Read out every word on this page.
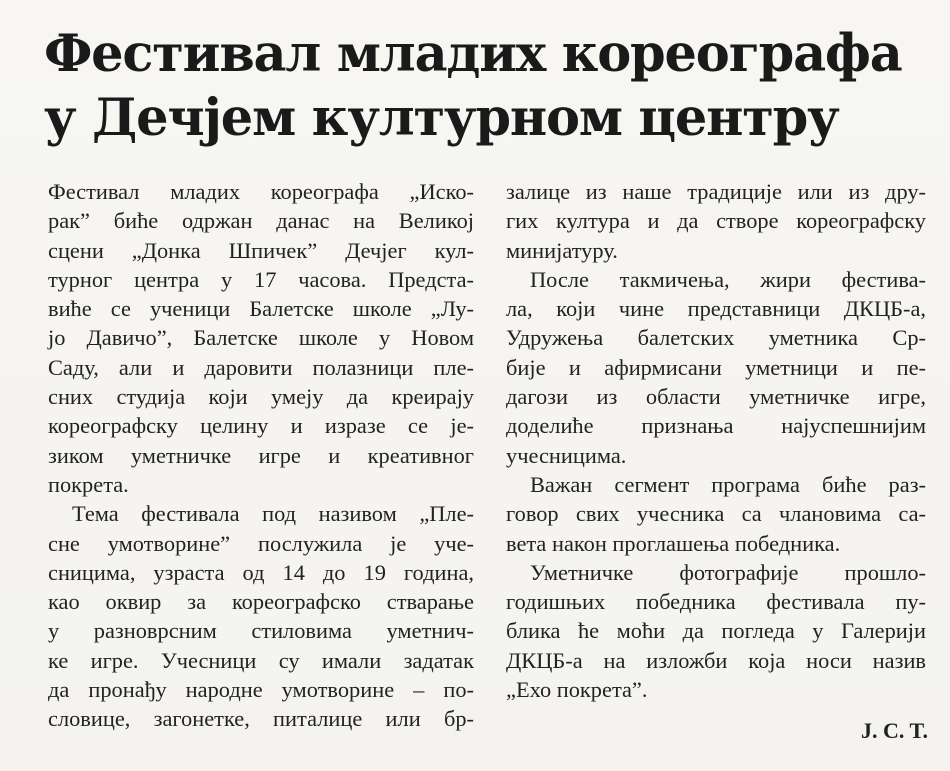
Фестивал младих кореографа
у Дечјем културном центру
Фестивал младих кореографа „Иско-
рак” биће одржан данас на Великој
сцени „Донка Шпичек” Дечјег кул-
турног центра у 17 часова. Предста-
виће се ученици Балетске школе „Лу-
јо Давичо”, Балетске школе у Новом
Саду, али и даровити полазници пле-
сних студија који умеју да креирају
кореографску целину и изразе се је-
зиком уметничке игре и креативног
покрета.
Тема фестивала под називом „Пле-
сне умотворине” послужила је уче-
сницима, узраста од 14 до 19 година,
као оквир за кореографско стварање
у разноврсним стиловима уметнич-
ке игре. Учесници су имали задатак
да пронађу народне умотворине – по-
словице, загонетке, питалице или бр-
залице из наше традиције или из дру-
гих култура и да створе кореографску
минијатуру.
После такмичења, жири фестива-
ла, који чине представници ДКЦБ-а,
Удружења балетских уметника Ср-
бије и афирмисани уметници и пе-
дагози из области уметничке игре,
доделиће признања најуспешнијим
учесницима.
Важан сегмент програма биће раз-
говор свих учесника са члановима са-
вета након проглашења победника.
Уметничке фотографије прошло-
годишњих победника фестивала пу-
блика ће моћи да погледа у Галерији
ДКЦБ-а на изложби која носи назив
„Ехо покрета”.
J. C. T.
